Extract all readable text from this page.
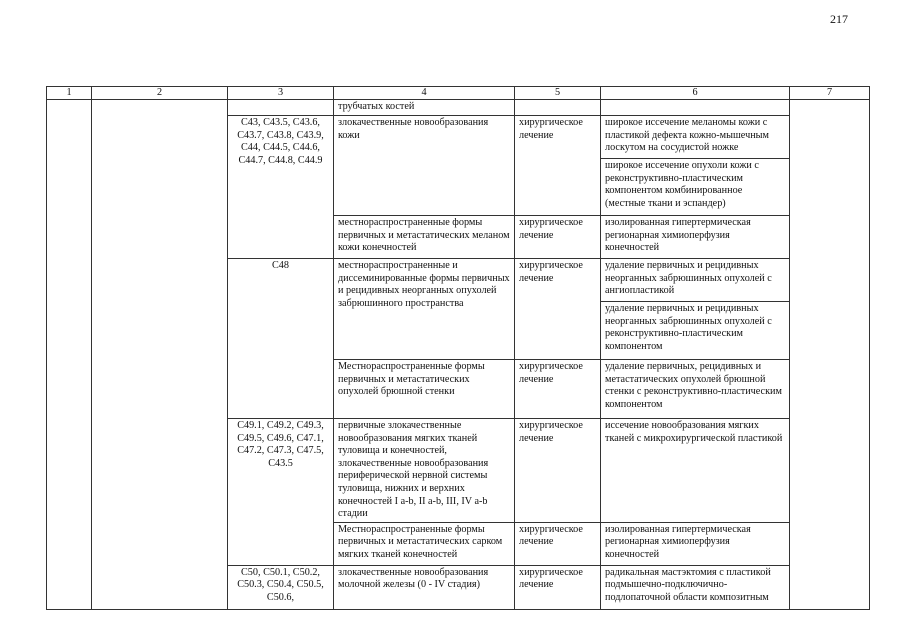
217
1	2	3	4	5	6	7
			трубчатых костей			
		С43, С43.5, С43.6, С43.7, С43.8, С43.9, С44, С44.5, С44.6, С44.7, С44.8, С44.9	злокачественные новообразования кожи	хирургическое лечение	широкое иссечение меланомы кожи с пластикой дефекта кожно-мышечным лоскутом на сосудистой ножке	
					широкое иссечение опухоли кожи с реконструктивно-пластическим компонентом комбинированное (местные ткани и эспандер)	
			местнораспространенные формы первичных и метастатических меланом кожи конечностей	хирургическое лечение	изолированная гипертермическая регионарная химиоперфузия конечностей	
		С48	местнораспространенные и диссеминированные формы первичных и рецидивных неорганных опухолей забрюшинного пространства	хирургическое лечение	удаление первичных и рецидивных неорганных забрюшинных опухолей с ангиопластикой	
					удаление первичных и рецидивных неорганных забрюшинных опухолей с реконструктивно-пластическим компонентом	
			Местнораспространенные формы первичных и метастатических опухолей брюшной стенки	хирургическое лечение	удаление первичных, рецидивных и метастатических опухолей брюшной стенки с реконструктивно-пластическим компонентом	
		С49.1, С49.2, С49.3, С49.5, С49.6, С47.1, С47.2, С47.3, С47.5, С43.5	первичные злокачественные новообразования мягких тканей туловища и конечностей, злокачественные новообразования периферической нервной системы туловища, нижних и верхних конечностей I a-b, II a-b, III, IV a-b стадии	хирургическое лечение	иссечение новообразования мягких тканей с микрохирургической пластикой	
			Местнораспространенные формы первичных и метастатических сарком мягких тканей конечностей	хирургическое лечение	изолированная гипертермическая регионарная химиоперфузия конечностей	
		С50, С50.1, С50.2, С50.3, С50.4, С50.5, С50.6,	злокачественные новообразования молочной железы (0 - IV стадия)	хирургическое лечение	радикальная мастэктомия с пластикой подмышечно-подключично-подлопаточной области композитным	
